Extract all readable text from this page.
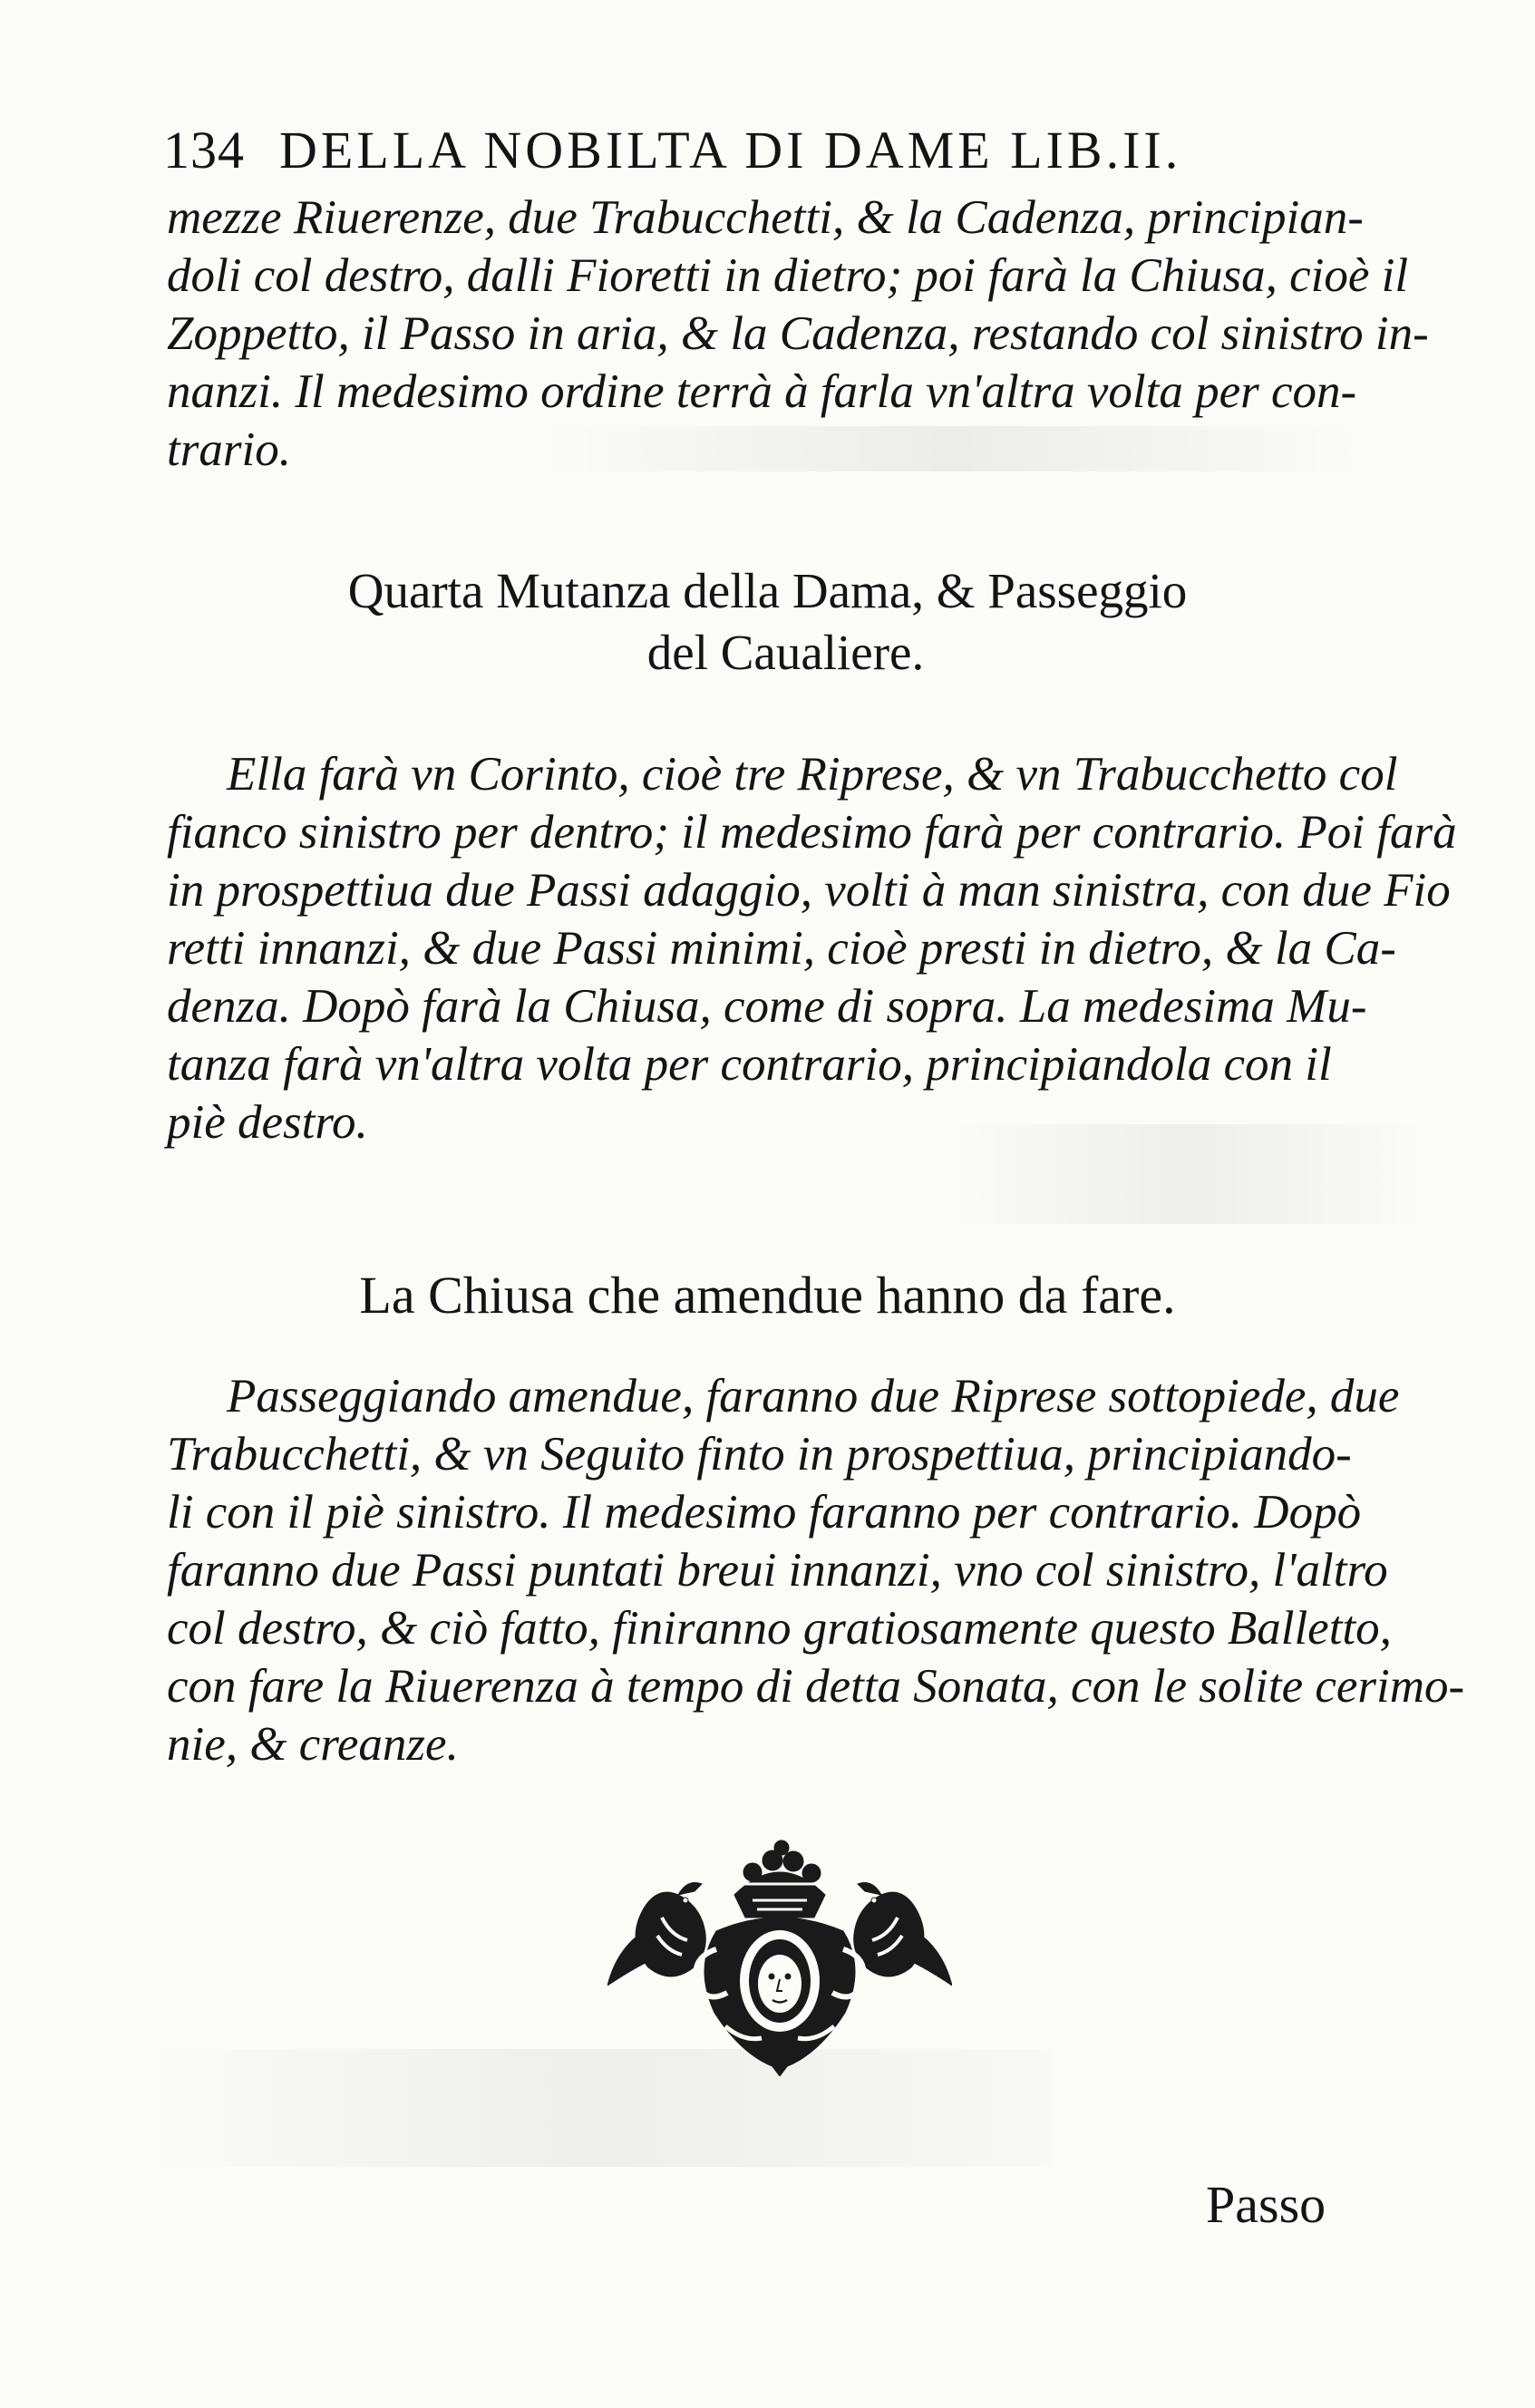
134 DELLA NOBILTA DI DAME LIB.II.
mezze Riuerenze, due Trabucchetti, & la Cadenza, principian-
doli col destro, dalli Fioretti in dietro; poi farà la Chiusa, cioè il
Zoppetto, il Passo in aria, & la Cadenza, restando col sinistro in-
nanzi. Il medesimo ordine terrà à farla vn'altra volta per con-
trario.
Quarta Mutanza della Dama, & Passeggio
del Caualiere.
Ella farà vn Corinto, cioè tre Riprese, & vn Trabucchetto col
fianco sinistro per dentro; il medesimo farà per contrario. Poi farà
in prospettiua due Passi adaggio, volti à man sinistra, con due Fio
retti innanzi, & due Passi minimi, cioè presti in dietro, & la Ca-
denza. Dopò farà la Chiusa, come di sopra. La medesima Mu-
tanza farà vn'altra volta per contrario, principiandola con il
piè destro.
La Chiusa che amendue hanno da fare.
Passeggiando amendue, faranno due Riprese sottopiede, due
Trabucchetti, & vn Seguito finto in prospettiua, principiando-
li con il piè sinistro. Il medesimo faranno per contrario. Dopò
faranno due Passi puntati breui innanzi, vno col sinistro, l'altro
col destro, & ciò fatto, finiranno gratiosamente questo Balletto,
con fare la Riuerenza à tempo di detta Sonata, con le solite cerimo-
nie, & creanze.
Passo
